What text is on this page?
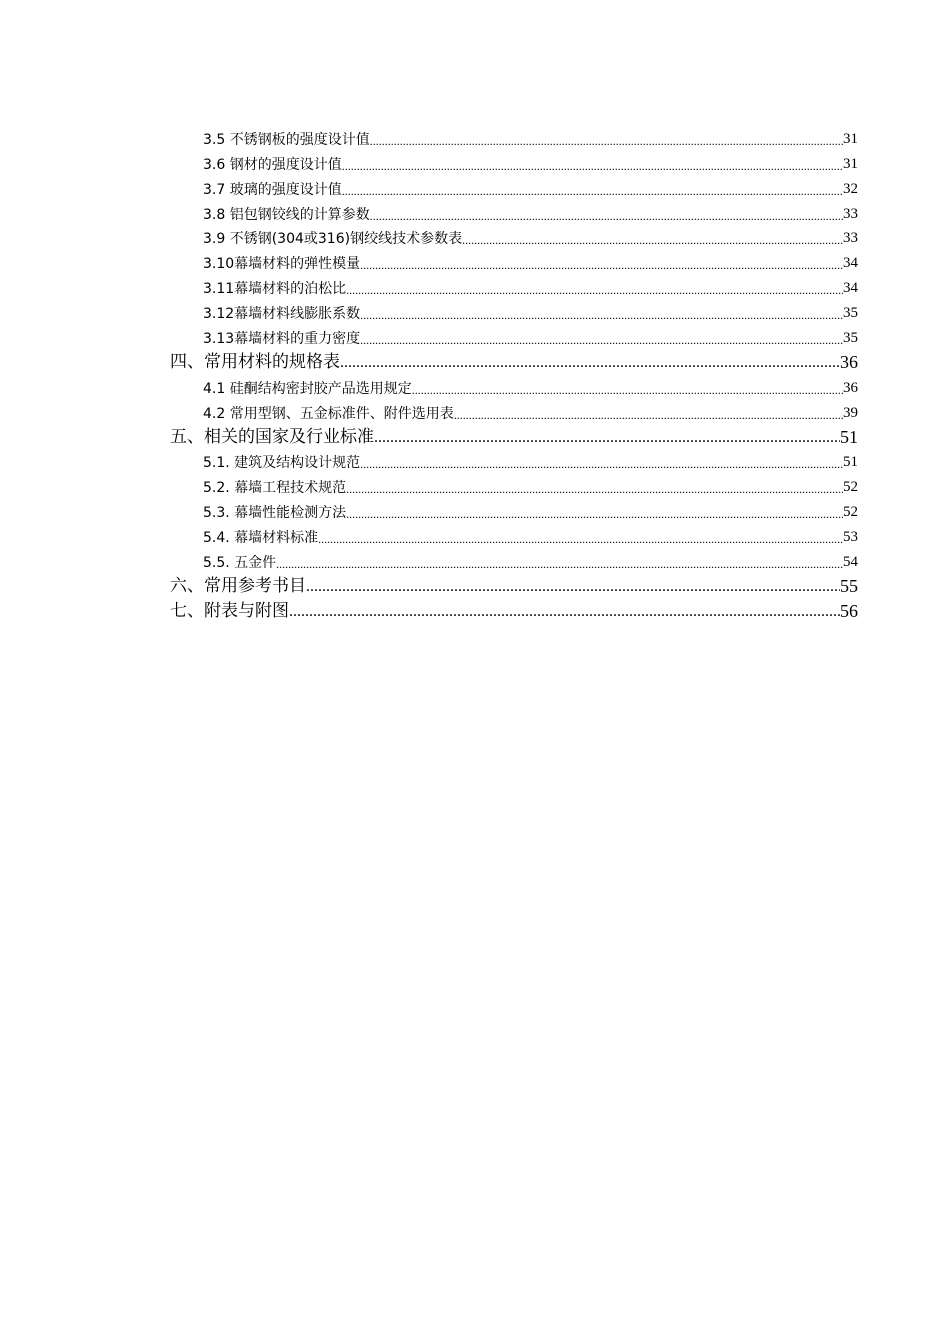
3.5 不锈钢板的强度设计值 .....	31
3.6 钢材的强度设计值 .....	31
3.7 玻璃的强度设计值 .....	32
3.8 铝包钢铰线的计算参数 .....	33
3.9 不锈钢(304或316)钢绞线技术参数表 .....	33
3.10幕墙材料的弹性模量 .....	34
3.11幕墙材料的泊松比 .....	34
3.12幕墙材料线膨胀系数 .....	35
3.13幕墙材料的重力密度 .....	35
四、常用材料的规格表 .....	36
4.1 硅酮结构密封胶产品选用规定 .....	36
4.2 常用型钢、五金标准件、附件选用表 .....	39
五、相关的国家及行业标准 .....	51
5.1. 建筑及结构设计规范 .....	51
5.2. 幕墙工程技术规范 .....	52
5.3. 幕墙性能检测方法 .....	52
5.4. 幕墙材料标准 .....	53
5.5. 五金件 .....	54
六、常用参考书目 .....	55
七、附表与附图 .....	56
